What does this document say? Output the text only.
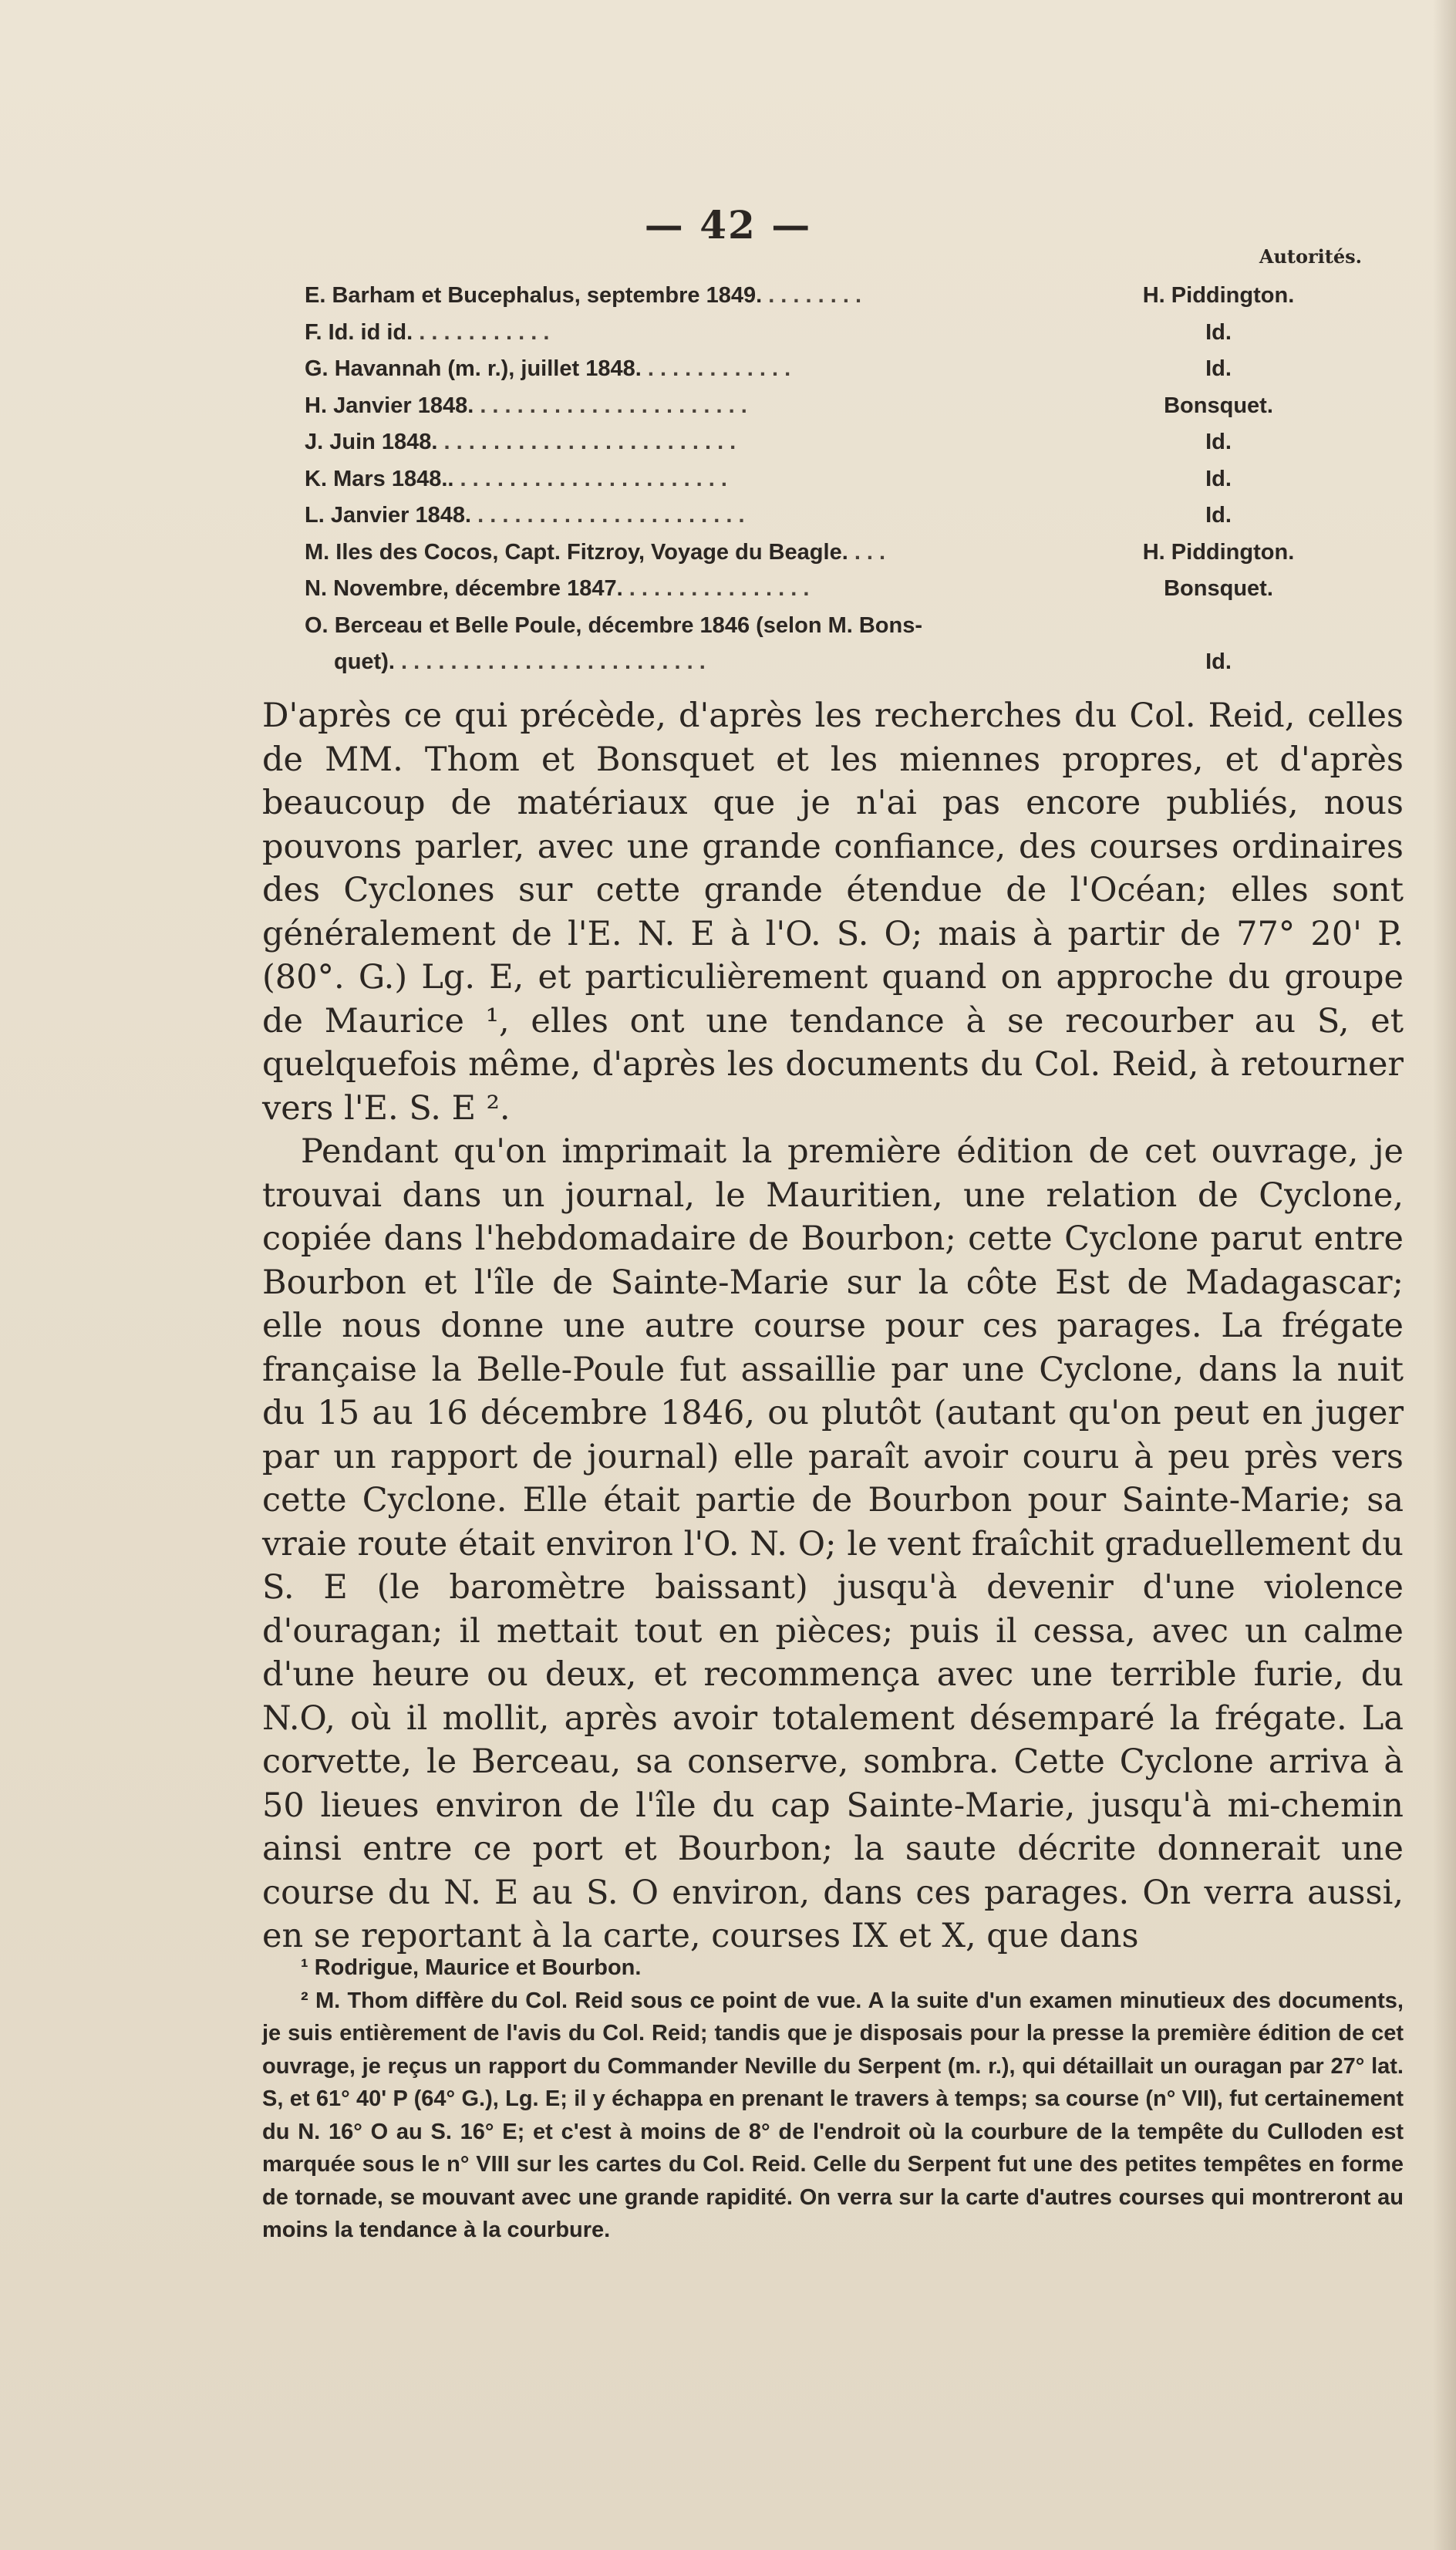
— 42 —
Autorités.
E. Barham et Bucephalus, septembre 1849. . . . . . . . .	H. Piddington.
F. Id. id id. . . . . . . . . . . .	Id.
G. Havannah (m. r.), juillet 1848. . . . . . . . . . . . .	Id.
H. Janvier 1848. . . . . . . . . . . . . . . . . . . . . . .	Bonsquet.
J. Juin 1848. . . . . . . . . . . . . . . . . . . . . . . . .	Id.
K. Mars 1848.. . . . . . . . . . . . . . . . . . . . . . .	Id.
L. Janvier 1848. . . . . . . . . . . . . . . . . . . . . . .	Id.
M. Iles des Cocos, Capt. Fitzroy, Voyage du Beagle. . . .	H. Piddington.
N. Novembre, décembre 1847. . . . . . . . . . . . . . . .	Bonsquet.
O. Berceau et Belle Poule, décembre 1846 (selon M. Bons-
quet). . . . . . . . . . . . . . . . . . . . . . . . . .	Id.

D'après ce qui précède, d'après les recherches du Col. Reid, celles de MM. Thom et Bonsquet et les miennes propres, et d'après beaucoup de matériaux que je n'ai pas encore publiés, nous pouvons parler, avec une grande confiance, des courses ordinaires des Cyclones sur cette grande étendue de l'Océan; elles sont généralement de l'E. N. E à l'O. S. O; mais à partir de 77° 20' P. (80°. G.) Lg. E, et particulièrement quand on approche du groupe de Maurice ¹, elles ont une tendance à se recourber au S, et quelquefois même, d'après les documents du Col. Reid, à retourner vers l'E. S. E ².

Pendant qu'on imprimait la première édition de cet ouvrage, je trouvai dans un journal, le Mauritien, une relation de Cyclone, copiée dans l'hebdomadaire de Bourbon; cette Cyclone parut entre Bourbon et l'île de Sainte-Marie sur la côte Est de Madagascar; elle nous donne une autre course pour ces parages. La frégate française la Belle-Poule fut assaillie par une Cyclone, dans la nuit du 15 au 16 décembre 1846, ou plutôt (autant qu'on peut en juger par un rapport de journal) elle paraît avoir couru à peu près vers cette Cyclone. Elle était partie de Bourbon pour Sainte-Marie; sa vraie route était environ l'O. N. O; le vent fraîchit graduellement du S. E (le baromètre baissant) jusqu'à devenir d'une violence d'ouragan; il mettait tout en pièces; puis il cessa, avec un calme d'une heure ou deux, et recommença avec une terrible furie, du N.O, où il mollit, après avoir totalement désemparé la frégate. La corvette, le Berceau, sa conserve, sombra. Cette Cyclone arriva à 50 lieues environ de l'île du cap Sainte-Marie, jusqu'à mi-chemin ainsi entre ce port et Bourbon; la saute décrite donnerait une course du N. E au S. O environ, dans ces parages. On verra aussi, en se reportant à la carte, courses IX et X, que dans

¹ Rodrigue, Maurice et Bourbon.

² M. Thom diffère du Col. Reid sous ce point de vue. A la suite d'un examen minutieux des documents, je suis entièrement de l'avis du Col. Reid; tandis que je disposais pour la presse la première édition de cet ouvrage, je reçus un rapport du Commander Neville du Serpent (m. r.), qui détaillait un ouragan par 27° lat. S, et 61° 40' P (64° G.), Lg. E; il y échappa en prenant le travers à temps; sa course (n° VII), fut certainement du N. 16° O au S. 16° E; et c'est à moins de 8° de l'endroit où la courbure de la tempête du Culloden est marquée sous le n° VIII sur les cartes du Col. Reid. Celle du Serpent fut une des petites tempêtes en forme de tornade, se mouvant avec une grande rapidité. On verra sur la carte d'autres courses qui montreront au moins la tendance à la courbure.
